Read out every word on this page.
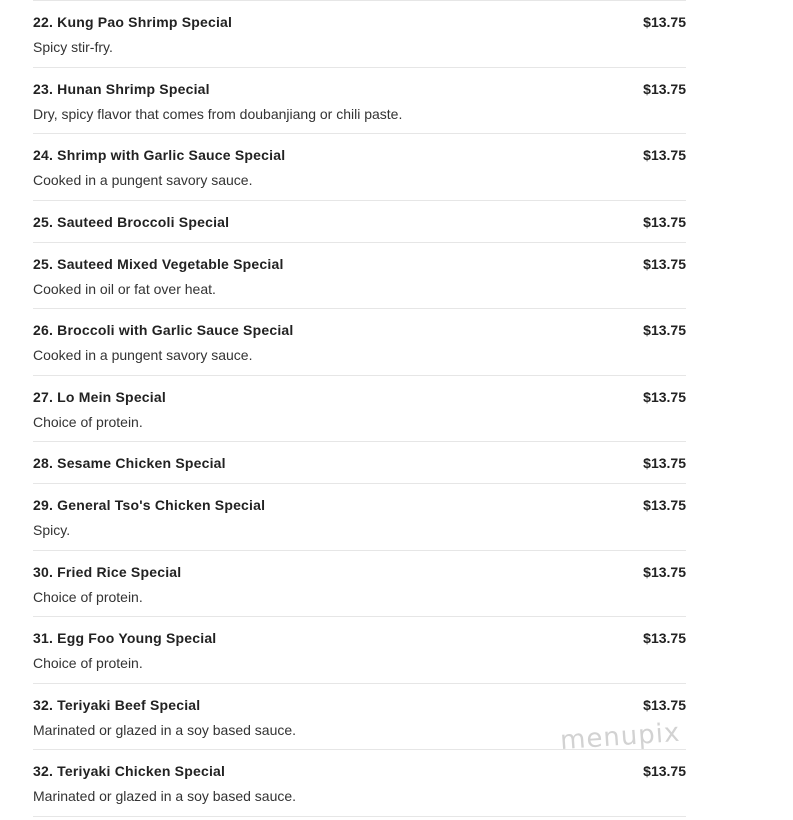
22. Kung Pao Shrimp Special	$13.75
Spicy stir-fry.
23. Hunan Shrimp Special	$13.75
Dry, spicy flavor that comes from doubanjiang or chili paste.
24. Shrimp with Garlic Sauce Special	$13.75
Cooked in a pungent savory sauce.
25. Sauteed Broccoli Special	$13.75
25. Sauteed Mixed Vegetable Special	$13.75
Cooked in oil or fat over heat.
26. Broccoli with Garlic Sauce Special	$13.75
Cooked in a pungent savory sauce.
27. Lo Mein Special	$13.75
Choice of protein.
28. Sesame Chicken Special	$13.75
29. General Tso's Chicken Special	$13.75
Spicy.
30. Fried Rice Special	$13.75
Choice of protein.
31. Egg Foo Young Special	$13.75
Choice of protein.
32. Teriyaki Beef Special	$13.75
Marinated or glazed in a soy based sauce.
32. Teriyaki Chicken Special	$13.75
Marinated or glazed in a soy based sauce.
menupix
